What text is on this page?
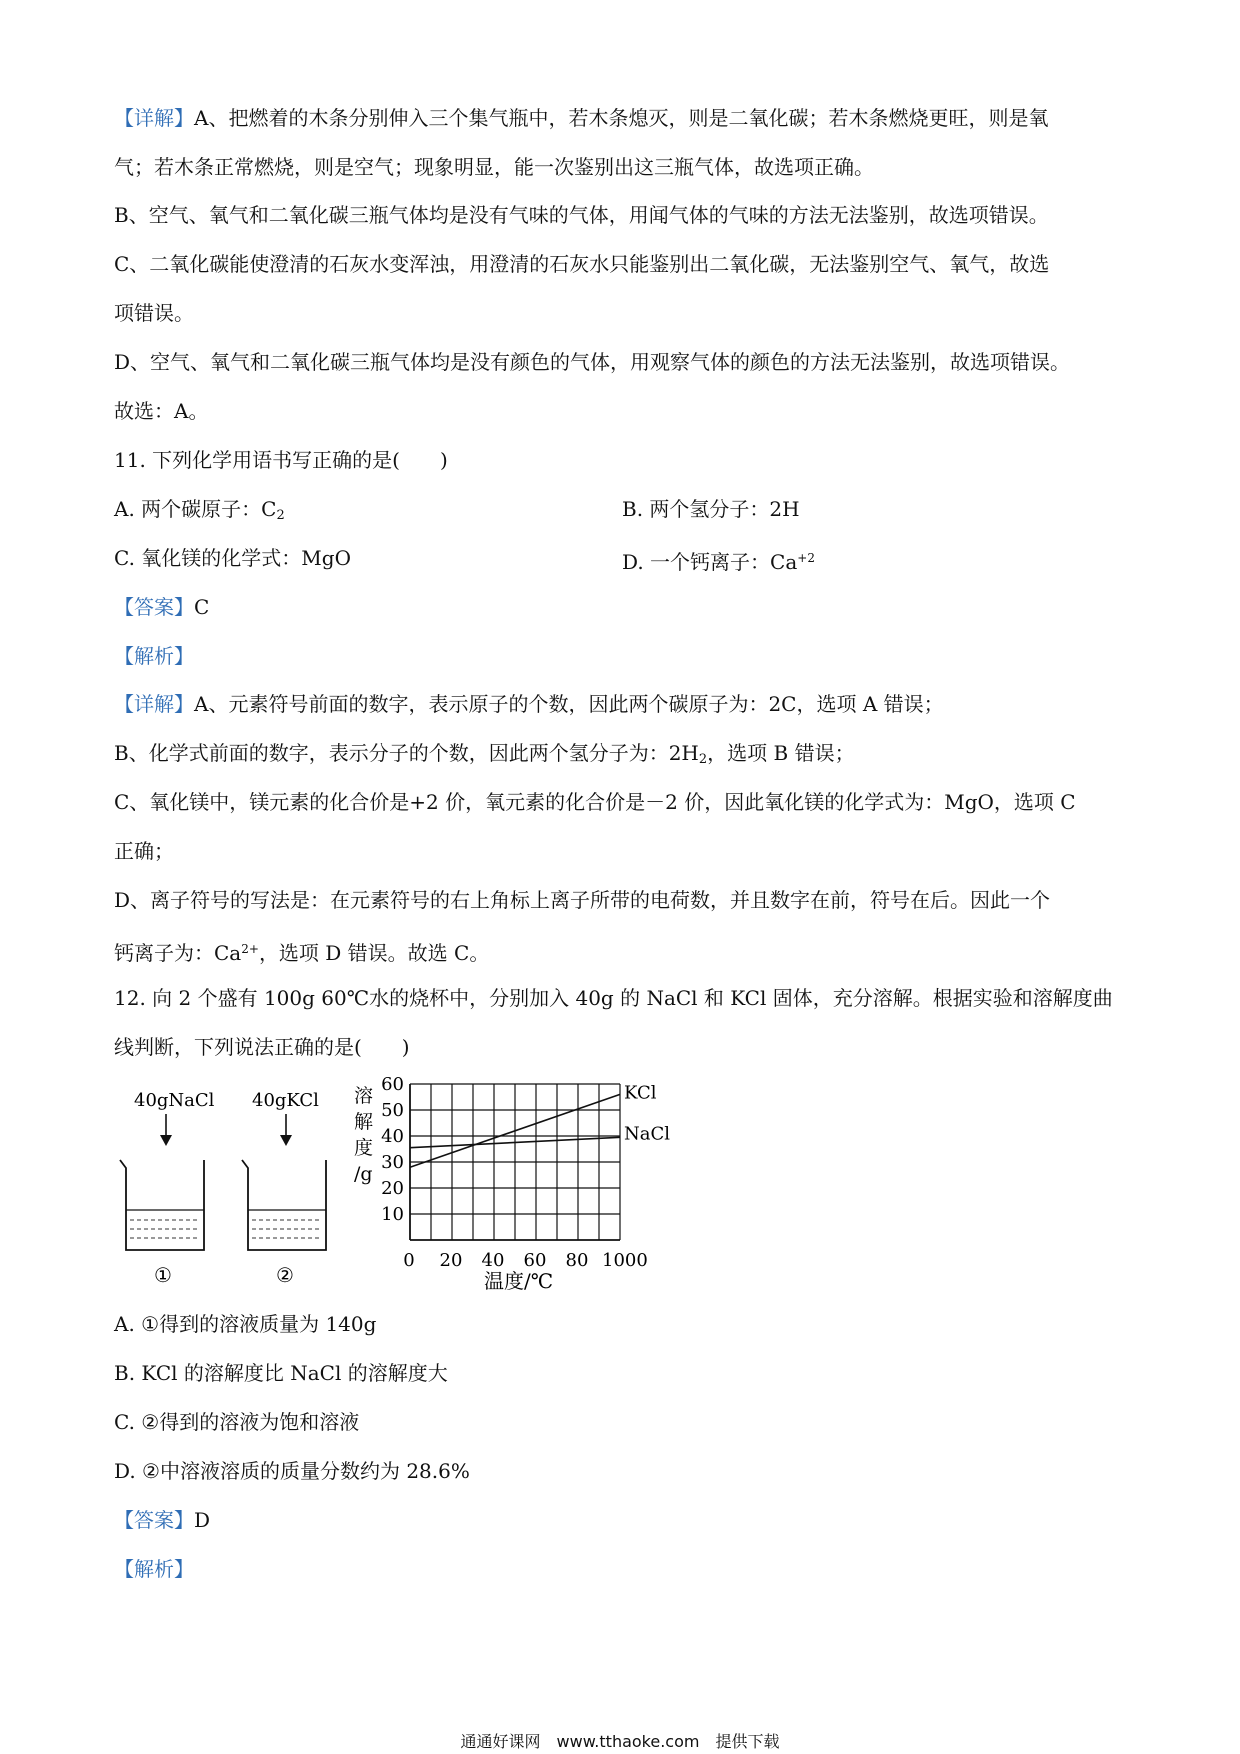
【详解】A、把燃着的木条分别伸入三个集气瓶中，若木条熄灭，则是二氧化碳；若木条燃烧更旺，则是氧
气；若木条正常燃烧，则是空气；现象明显，能一次鉴别出这三瓶气体，故选项正确。
B、空气、氧气和二氧化碳三瓶气体均是没有气味的气体，用闻气体的气味的方法无法鉴别，故选项错误。
C、二氧化碳能使澄清的石灰水变浑浊，用澄清的石灰水只能鉴别出二氧化碳，无法鉴别空气、氧气，故选
项错误。
D、空气、氧气和二氧化碳三瓶气体均是没有颜色的气体，用观察气体的颜色的方法无法鉴别，故选项错误。
故选：A。
11. 下列化学用语书写正确的是(　　)
A. 两个碳原子：$C_2$	B. 两个氢分子：2H
C. 氧化镁的化学式：MgO	D. 一个钙离子：$Ca^{+2}$
【答案】C
【解析】
【详解】A、元素符号前面的数字，表示原子的个数，因此两个碳原子为：2C，选项 A 错误；
B、化学式前面的数字，表示分子的个数，因此两个氢分子为：$2H_2$，选项 B 错误；
C、氧化镁中，镁元素的化合价是+2 价，氧元素的化合价是－2 价，因此氧化镁的化学式为：MgO，选项 C
正确；
D、离子符号的写法是：在元素符号的右上角标上离子所带的电荷数，并且数字在前，符号在后。因此一个
钙离子为：$Ca^{2+}$，选项 D 错误。故选 C。
12. 向 2 个盛有 100g 60℃水的烧杯中，分别加入 40g 的 NaCl 和 KCl 固体，充分溶解。根据实验和溶解度曲
线判断，下列说法正确的是(　　)
40gNaCl
①
40gKCl
②
溶
解
度
/g
10
20
30
40
50
60
0 20 40 60 80 1000
KCl
NaCl
温度/℃
A. ①得到的溶液质量为 140g
B. KCl 的溶解度比 NaCl 的溶解度大
C. ②得到的溶液为饱和溶液
D. ②中溶液溶质的质量分数约为 28.6%
【答案】D
【解析】
通通好课网　www.tthaoke.com　提供下载
